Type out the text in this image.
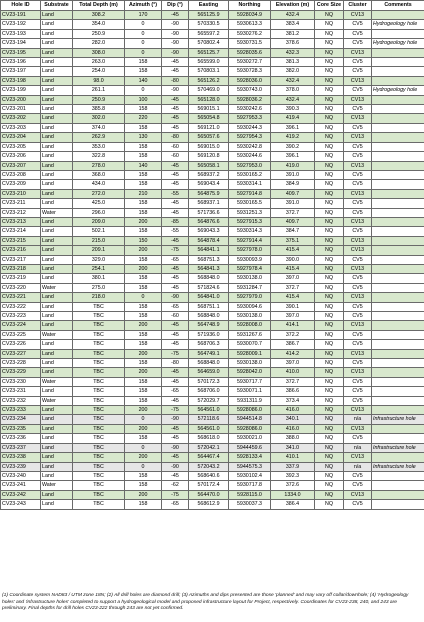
Hole ID	Substrate	Total Depth (m)	Azimuth (°)	Dip (°)	Easting	Northing	Elevation (m)	Core Size	Cluster	Comments
CV23-191	Land	308.2	170	-45	565125.9	5928034.9	432.4	NQ	CV13	
CV23-192	Land	354.0	0	-90	570330.5	5930613.3	383.4	NQ	CV5	Hydrogeology hole
CV23-193	Land	250.9	0	-90	565597.2	5930276.2	381.2	NQ	CV5	
CV23-194	Land	282.0	0	-90	570802.4	5930731.5	378.6	NQ	CV5	Hydrogeology hole
CV23-195	Land	308.0	0	-90	565125.7	5928035.6	432.3	NQ	CV13	
CV23-196	Land	263.0	158	-45	565599.0	5930272.7	381.3	NQ	CV5	
CV23-197	Land	254.0	158	-45	570803.1	5930728.3	382.0	NQ	CV5	
CV23-198	Land	98.0	140	-80	565126.2	5928036.0	432.4	NQ	CV13	
CV23-199	Land	261.1	0	-90	570469.0	5930743.0	378.0	NQ	CV5	Hydrogeology hole
CV23-200	Land	250.9	100	-45	565128.0	5928036.2	432.4	NQ	CV13	
CV23-201	Land	385.8	158	-45	569015.1	5930242.6	390.3	NQ	CV5	
CV23-202	Land	302.0	220	-45	565054.8	5927953.3	419.4	NQ	CV13	
CV23-203	Land	374.0	158	-45	569121.0	5930244.3	396.1	NQ	CV5	
CV23-204	Land	262.9	130	-80	565057.6	5927954.3	419.2	NQ	CV13	
CV23-205	Land	353.0	158	-60	569015.0	5930242.8	390.2	NQ	CV5	
CV23-206	Land	322.8	158	-60	569120.8	5930244.6	396.1	NQ	CV5	
CV23-207	Land	278.0	140	-45	565058.1	5927953.0	419.0	NQ	CV13	
CV23-208	Land	368.0	158	-45	568937.2	5930165.2	391.0	NQ	CV5	
CV23-209	Land	434.0	158	-45	569043.4	5930314.1	384.9	NQ	CV5	
CV23-210	Land	272.0	210	-55	564875.9	5927914.8	409.7	NQ	CV13	
CV23-211	Land	425.0	158	-45	568937.1	5930165.5	391.0	NQ	CV5	
CV23-212	Water	296.0	158	-45	571736.6	5931251.3	372.7	NQ	CV5	
CV23-213	Land	209.0	200	-85	564876.6	5927915.3	409.7	NQ	CV13	
CV23-214	Land	502.1	158	-55	569043.3	5930314.3	384.7	NQ	CV5	
CV23-215	Land	215.0	150	-45	564878.4	5927914.4	375.1	NQ	CV13	
CV23-216	Land	209.1	200	-75	564841.1	5927978.0	415.4	NQ	CV13	
CV23-217	Land	329.0	158	-65	568751.3	5930093.9	390.0	NQ	CV5	
CV23-218	Land	254.1	200	-45	564841.3	5927978.4	415.4	NQ	CV13	
CV23-219	Land	380.1	158	-45	568848.0	5930138.0	397.0	NQ	CV5	
CV23-220	Water	275.0	158	-45	571824.6	5931284.7	372.7	NQ	CV5	
CV23-221	Land	218.0	0	-90	564841.0	5927979.0	415.4	NQ	CV13	
CV23-222	Land	TBC	158	-65	568751.1	5930094.6	390.1	NQ	CV5	
CV23-223	Land	TBC	158	-60	568848.0	5930138.0	397.0	NQ	CV5	
CV23-224	Land	TBC	200	-45	564748.9	5928008.0	414.1	NQ	CV13	
CV23-225	Water	TBC	158	-45	571936.0	5931267.6	372.2	NQ	CV5	
CV23-226	Land	TBC	158	-45	568706.3	5930070.7	386.7	NQ	CV5	
CV23-227	Land	TBC	200	-75	564749.1	5928009.1	414.2	NQ	CV13	
CV23-228	Land	TBC	158	-80	568848.0	5930138.0	397.0	NQ	CV5	
CV23-229	Land	TBC	200	-45	564659.0	5928042.0	410.0	NQ	CV13	
CV23-230	Water	TBC	158	-45	570172.3	5930717.7	372.7	NQ	CV5	
CV23-231	Land	TBC	158	-65	568706.0	5930071.1	386.6	NQ	CV5	
CV23-232	Water	TBC	158	-45	572029.7	5931311.9	373.4	NQ	CV5	
CV23-233	Land	TBC	200	-75	564561.0	5928086.0	416.0	NQ	CV13	
CV23-234	Land	TBC	0	-90	572118.6	5944514.8	340.1	NQ	n/a	Infrastructure hole
CV23-235	Land	TBC	200	-45	564561.0	5928086.0	416.0	NQ	CV13	
CV23-236	Land	TBC	158	-45	568618.0	5930021.0	388.0	NQ	CV5	
CV23-237	Land	TBC	0	-90	572042.1	5944459.6	341.0	NQ	n/a	Infrastructure hole
CV23-238	Land	TBC	200	-45	564467.4	5928133.4	410.1	NQ	CV13	
CV23-239	Land	TBC	0	-90	572043.2	5944575.3	337.9	NQ	n/a	Infrastructure hole
CV23-240	Land	TBC	158	-45	568640.6	5930102.4	392.3	NQ	CV5	
CV23-241	Water	TBC	158	-62	570172.4	5930717.8	372.6	NQ	CV5	
CV23-242	Land	TBC	200	-75	564470.0	5928115.0	1334.0	NQ	CV13	
CV23-243	Land	TBC	158	-65	568612.9	5930037.3	386.4	NQ	CV5	
(1) Coordinate system NAD83 / UTM zone 18N; (2) All drill holes are diamond drill; (3) Azimuths and dips presented are those 'planned' and may vary off collar/downhole; (4) 'Hydrogeology holes' and 'infrastructure holes' completed to support a hydrogeological model and proposed infrastructure layout for Project, respectively. Coordinates for CV23-238, 240, and 243 are preliminary. Final depths for drill holes CV23-222 through 243 are not yet confirmed.
